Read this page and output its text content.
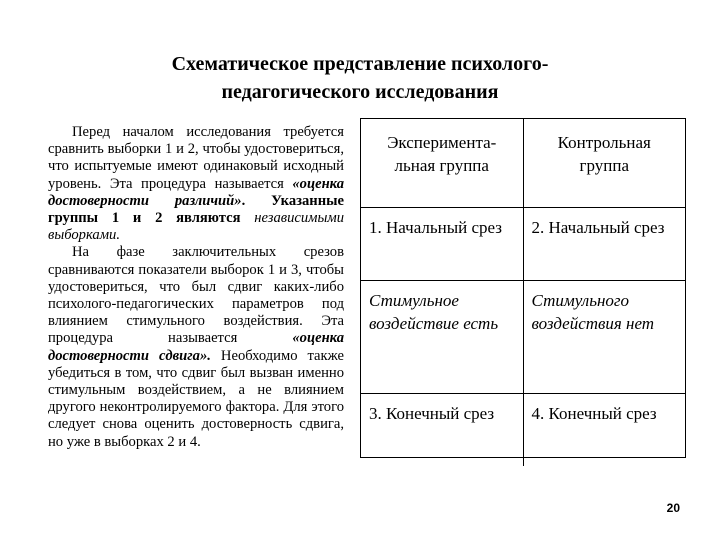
Схематическое представление психолого-
педагогического исследования

Перед началом исследования требуется сравнить выборки 1 и 2, чтобы удостовериться, что испытуемые имеют одинаковый исходный уровень. Эта процедура называется «оценка достоверности различий». Указанные группы 1 и 2 являются независимыми выборками.

На фазе заключительных срезов сравниваются показатели выборок 1 и 3, чтобы удостовериться, что был сдвиг каких-либо психолого-педагогических параметров под влиянием стимульного воздействия. Эта процедура называется «оценка достоверности сдвига». Необходимо также убедиться в том, что сдвиг был вызван именно стимульным воздействием, а не влиянием другого неконтролируемого фактора. Для этого следует снова оценить достоверность сдвига, но уже в выборках 2 и 4.

Эксперимента-льная группа	Контрольная группа
1. Начальный срез	2. Начальный срез
Стимульное воздействие есть	Стимульного воздействия нет
3. Конечный срез	4. Конечный срез
20
